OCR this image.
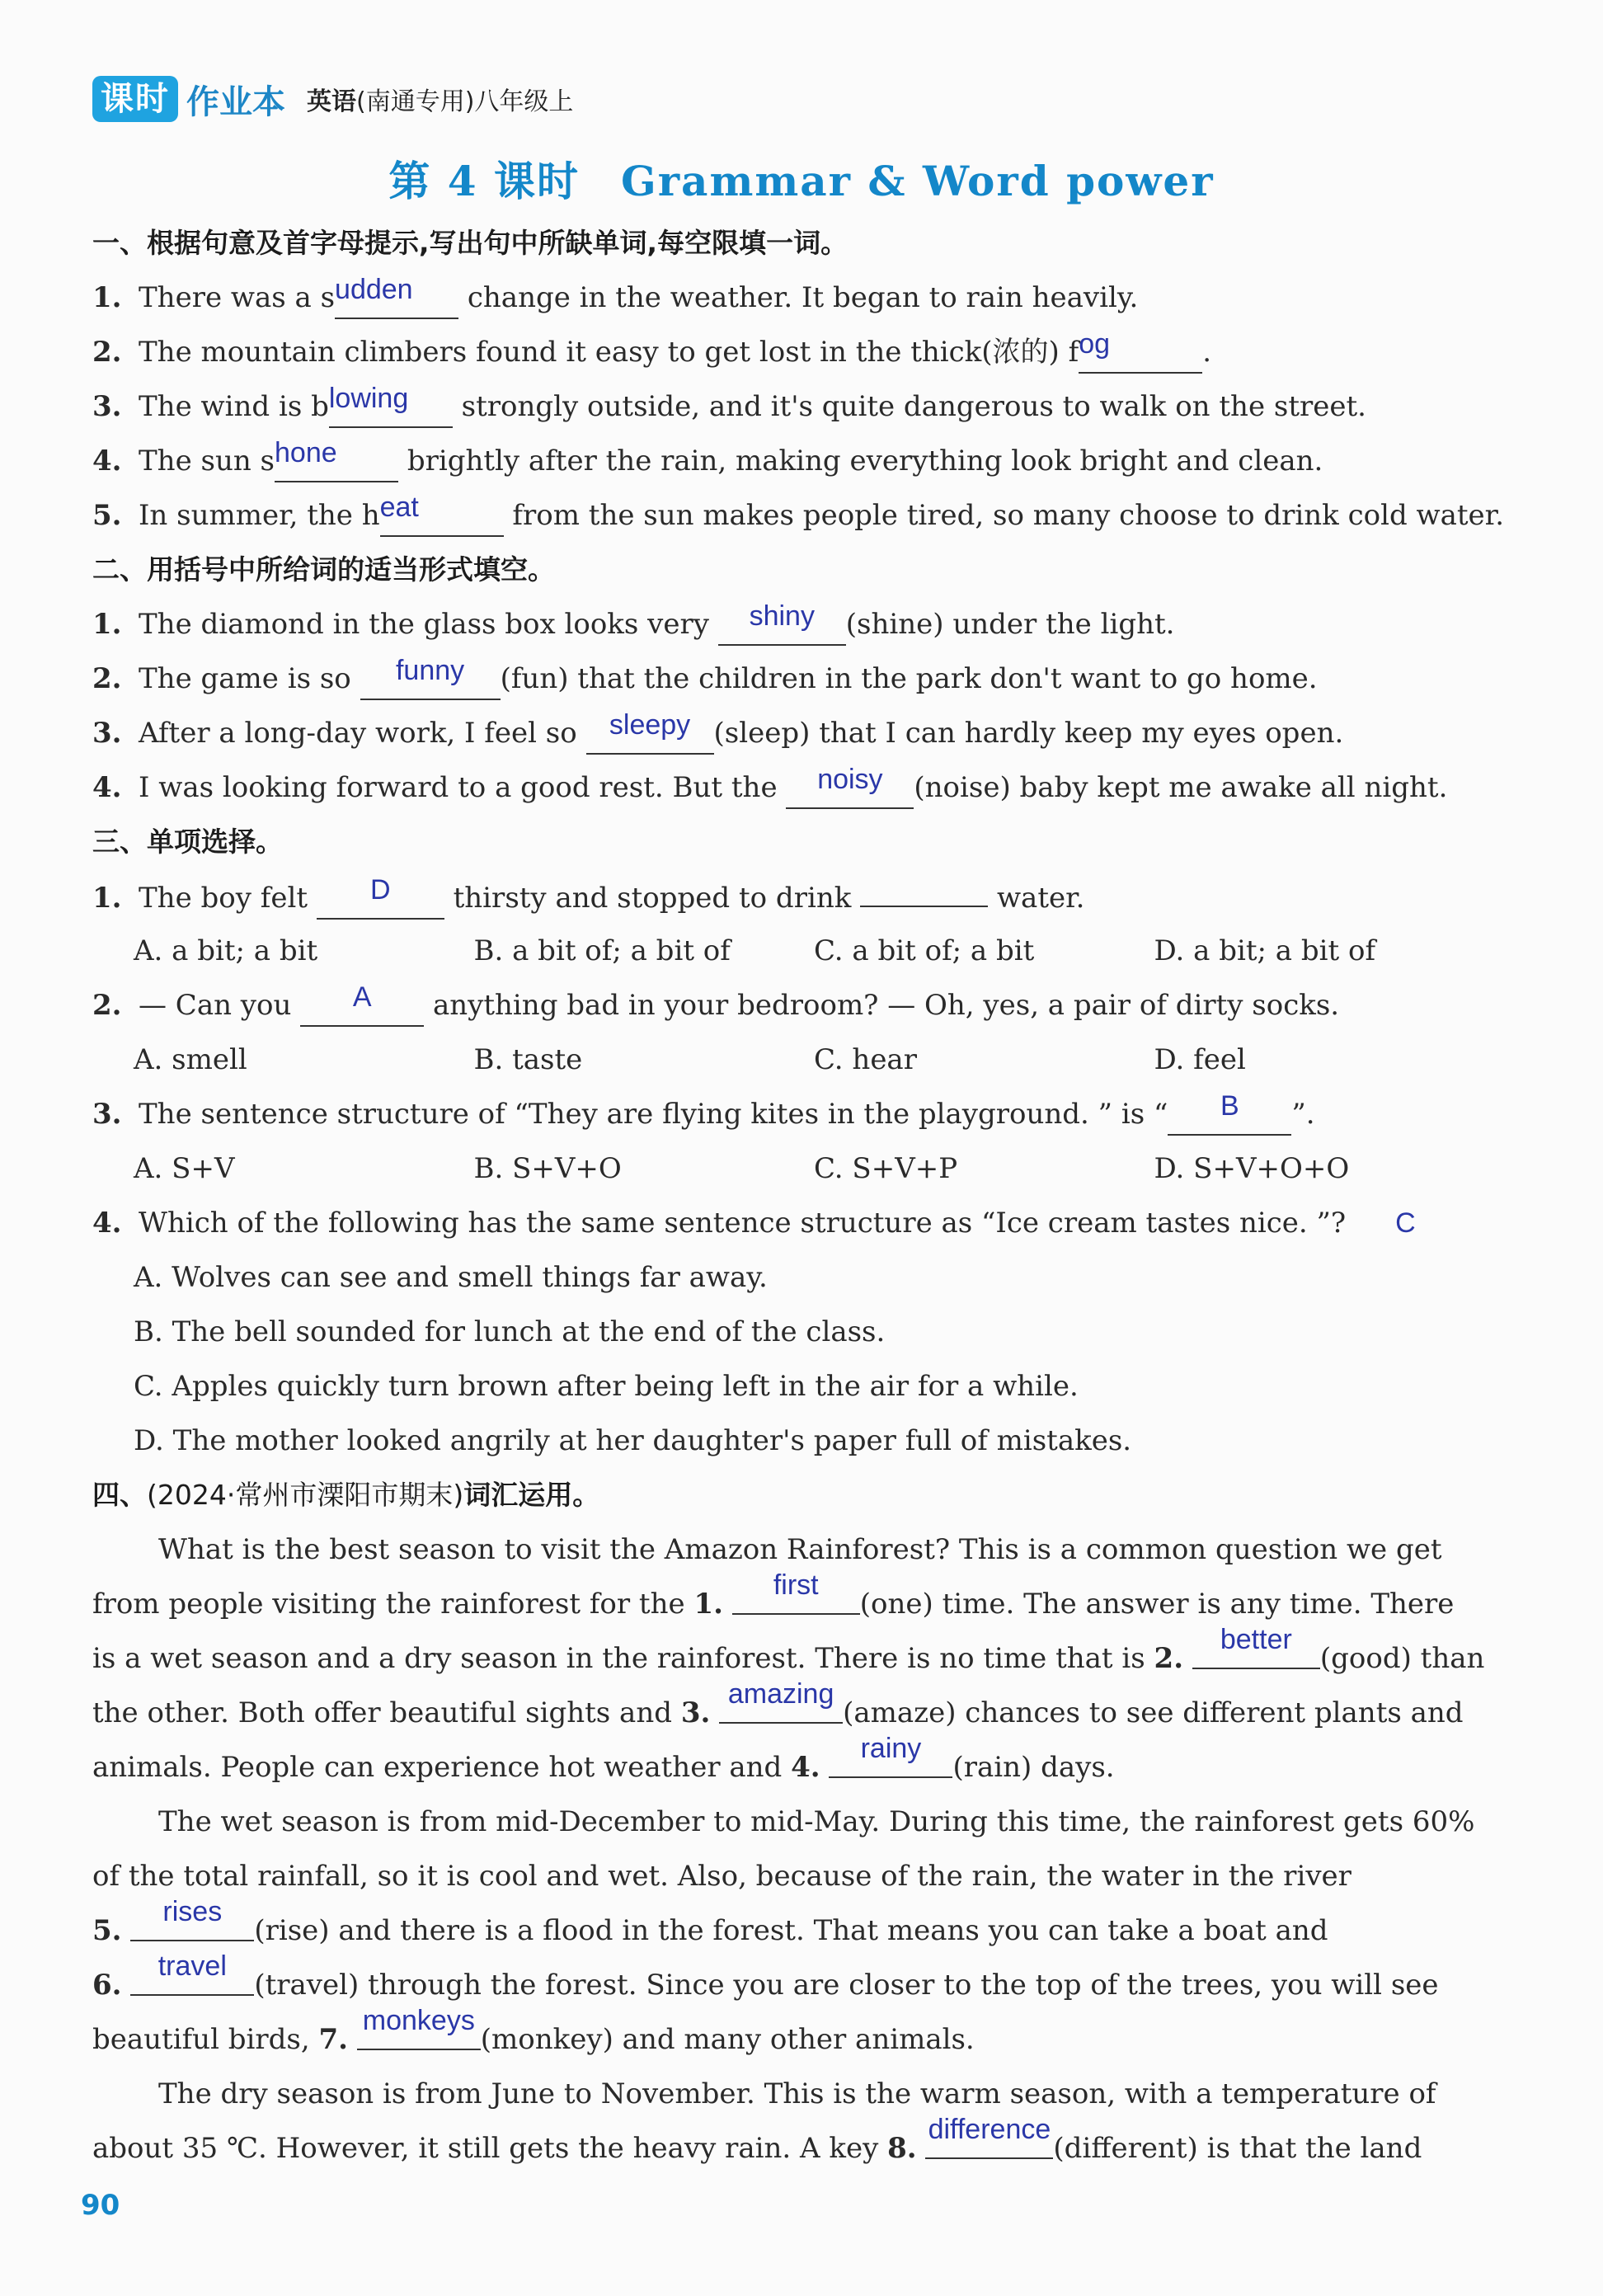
课时 作业本 英语(南通专用)八年级上
第 4 课时 Grammar & Word power
一、根据句意及首字母提示,写出句中所缺单词,每空限填一词。
1. There was a s udden	change in the weather. It began to rain heavily.
2. The mountain climbers found it easy to get lost in the thick(浓的) f og	.
3. The wind is b lowing	strongly outside, and it's quite dangerous to walk on the street.
4. The sun s hone	brightly after the rain, making everything look bright and clean.
5. In summer, the h eat	from the sun makes people tired, so many choose to drink cold water.
二、用括号中所给词的适当形式填空。
1. The diamond in the glass box looks very	shiny	(shine) under the light.
2. The game is so	funny	(fun) that the children in the park don't want to go home.
3. After a long-day work, I feel so	sleepy (sleep) that I can hardly keep my eyes open.
4. I was looking forward to a good rest. But the	noisy	(noise) baby kept me awake all night.
三、单项选择。
1. The boy felt	D	thirsty and stopped to drink	water.
A. a bit; a bit	B. a bit of; a bit of	C. a bit of; a bit	D. a bit; a bit of
2. — Can you	A	anything bad in your bedroom? — Oh, yes, a pair of dirty socks.
A. smell	B. taste	C. hear	D. feel
3. The sentence structure of “They are flying kites in the playground. ” is “	B	”.
A. S+V	B. S+V+O	C. S+V+P	D. S+V+O+O
4. Which of the following has the same sentence structure as “Ice cream tastes nice. ”? C
A. Wolves can see and smell things far away.
B. The bell sounded for lunch at the end of the class.
C. Apples quickly turn brown after being left in the air for a while.
D. The mother looked angrily at her daughter's paper full of mistakes.
四、(2024·常州市溧阳市期末)词汇运用。
What is the best season to visit the Amazon Rainforest? This is a common question we get
from people visiting the rainforest for the
1.

first
(one) time. The answer is any time. There
is a wet season and a dry season in the rainforest. There is no time that is
2.

better
(good) than
the other. Both offer beautiful sights and
3.

amazing
(amaze) chances to see different plants and
animals. People can experience hot weather and
4.

rainy
(rain) days.
The wet season is from mid-December to mid-May. During this time, the rainforest gets 60%
of the total rainfall, so it is cool and wet. Also, because of the rain, the water in the river
5.

rises
(rise) and there is a flood in the forest. That means you can take a boat and
6.

travel
(travel) through the forest. Since you are closer to the top of the trees, you will see
beautiful birds,
7.

monkeys
(monkey) and many other animals.
The dry season is from June to November. This is the warm season, with a temperature of
about 35 ℃. However, it still gets the heavy rain. A key
8.

difference
(different) is that the land
90
